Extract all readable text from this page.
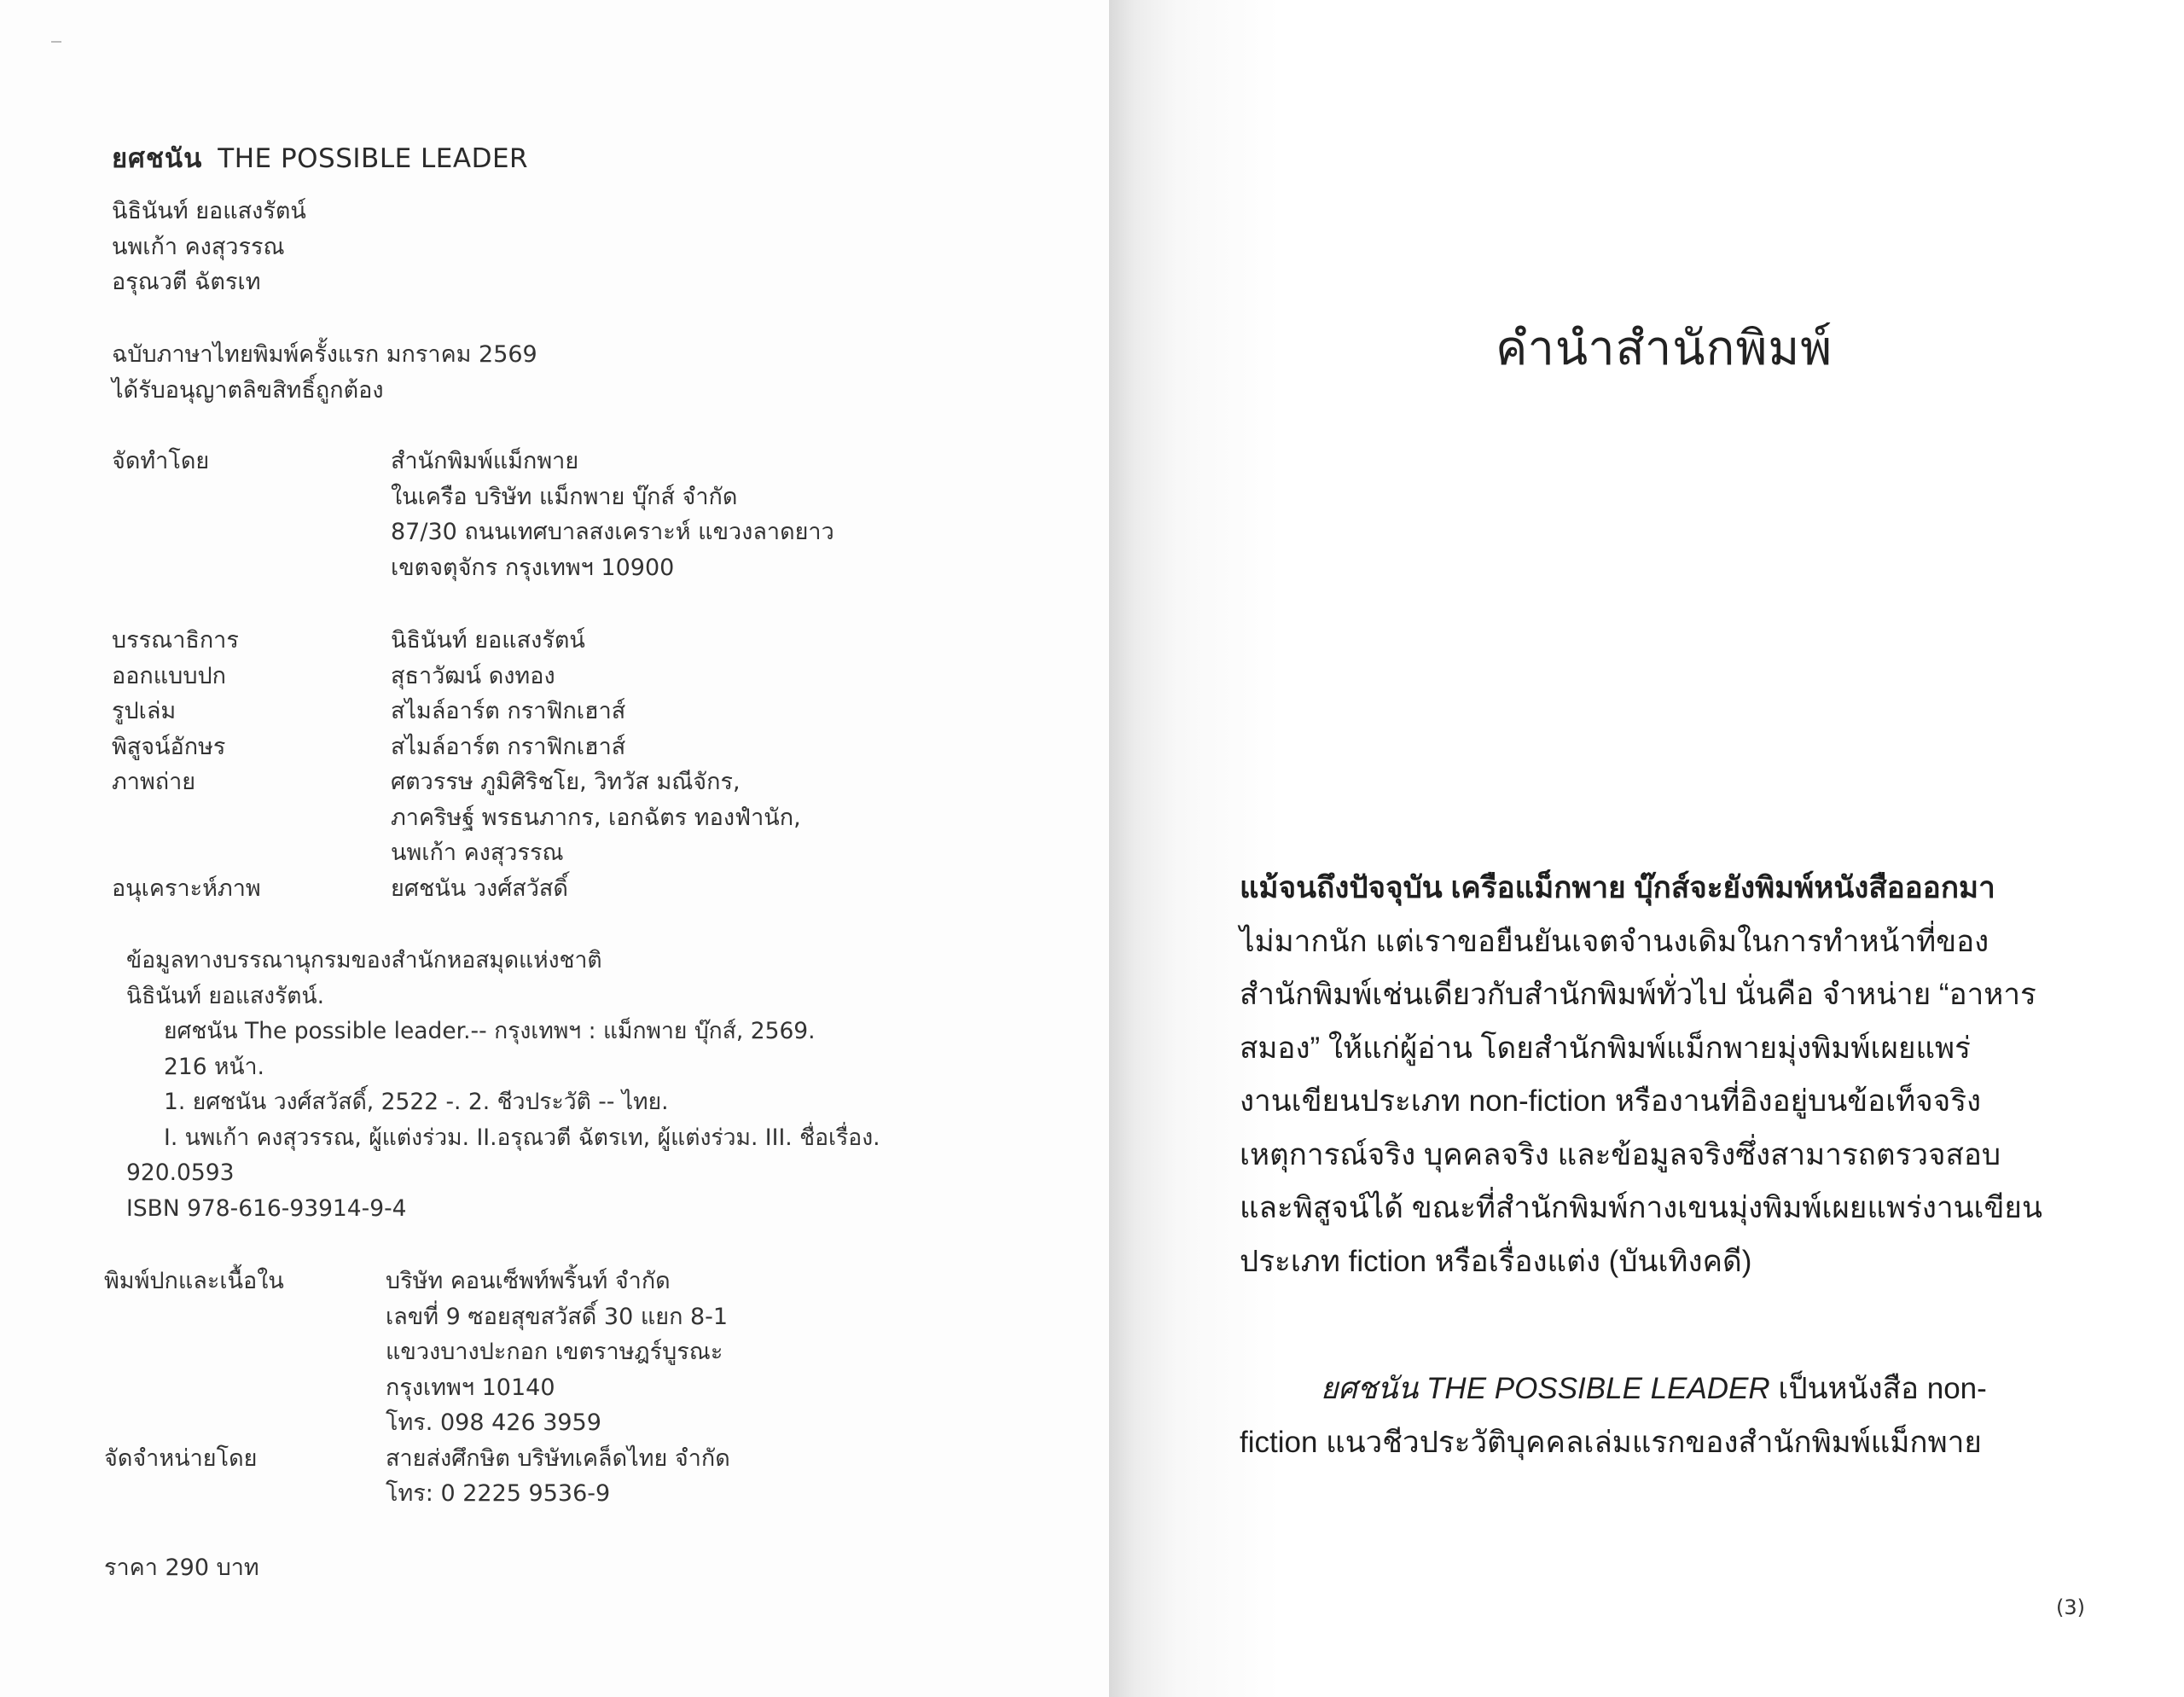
ยศชนัน THE POSSIBLE LEADER
นิธินันท์ ยอแสงรัตน์
นพเก้า คงสุวรรณ
อรุณวตี ฉัตรเท
ฉบับภาษาไทยพิมพ์ครั้งแรก มกราคม 2569
ได้รับอนุญาตลิขสิทธิ์ถูกต้อง
จัดทำโดย	สำนักพิมพ์แม็กพาย
ในเครือ บริษัท แม็กพาย บุ๊กส์ จำกัด
87/30 ถนนเทศบาลสงเคราะห์ แขวงลาดยาว
เขตจตุจักร กรุงเทพฯ 10900
บรรณาธิการ	นิธินันท์ ยอแสงรัตน์
ออกแบบปก	สุธาวัฒน์ ดงทอง
รูปเล่ม	สไมล์อาร์ต กราฟิกเฮาส์
พิสูจน์อักษร	สไมล์อาร์ต กราฟิกเฮาส์
ภาพถ่าย	ศตวรรษ ภูมิศิริชโย, วิทวัส มณีจักร,
ภาคริษฐ์ พรธนภากร, เอกฉัตร ทองฟำนัก,
นพเก้า คงสุวรรณ
อนุเคราะห์ภาพ	ยศชนัน วงศ์สวัสดิ์
ข้อมูลทางบรรณานุกรมของสำนักหอสมุดแห่งชาติ
นิธินันท์ ยอแสงรัตน์.
ยศชนัน The possible leader.-- กรุงเทพฯ : แม็กพาย บุ๊กส์, 2569.
216 หน้า.
1. ยศชนัน วงศ์สวัสดิ์, 2522 -. 2. ชีวประวัติ -- ไทย.
I. นพเก้า คงสุวรรณ, ผู้แต่งร่วม. II.อรุณวตี ฉัตรเท, ผู้แต่งร่วม. III. ชื่อเรื่อง.
920.0593
ISBN 978-616-93914-9-4
พิมพ์ปกและเนื้อใน	บริษัท คอนเซ็พท์พริ้นท์ จำกัด
เลขที่ 9 ซอยสุขสวัสดิ์ 30 แยก 8-1
แขวงบางปะกอก เขตราษฎร์บูรณะ
กรุงเทพฯ 10140
โทร. 098 426 3959
จัดจำหน่ายโดย	สายส่งศึกษิต บริษัทเคล็ดไทย จำกัด
โทร: 0 2225 9536-9
ราคา 290 บาท
คำนำสำนักพิมพ์
แม้จนถึงปัจจุบัน เครือแม็กพาย บุ๊กส์จะยังพิมพ์หนังสือออกมา
ไม่มากนัก แต่เราขอยืนยันเจตจำนงเดิมในการทำหน้าที่ของ
สำนักพิมพ์เช่นเดียวกับสำนักพิมพ์ทั่วไป นั่นคือ จำหน่าย “อาหาร
สมอง” ให้แก่ผู้อ่าน โดยสำนักพิมพ์แม็กพายมุ่งพิมพ์เผยแพร่
งานเขียนประเภท non-fiction หรืองานที่อิงอยู่บนข้อเท็จจริง
เหตุการณ์จริง บุคคลจริง และข้อมูลจริงซึ่งสามารถตรวจสอบ
และพิสูจน์ได้ ขณะที่สำนักพิมพ์กางเขนมุ่งพิมพ์เผยแพร่งานเขียน
ประเภท fiction หรือเรื่องแต่ง (บันเทิงคดี)
ยศชนัน THE POSSIBLE LEADER เป็นหนังสือ non-
fiction แนวชีวประวัติบุคคลเล่มแรกของสำนักพิมพ์แม็กพาย
(3)
